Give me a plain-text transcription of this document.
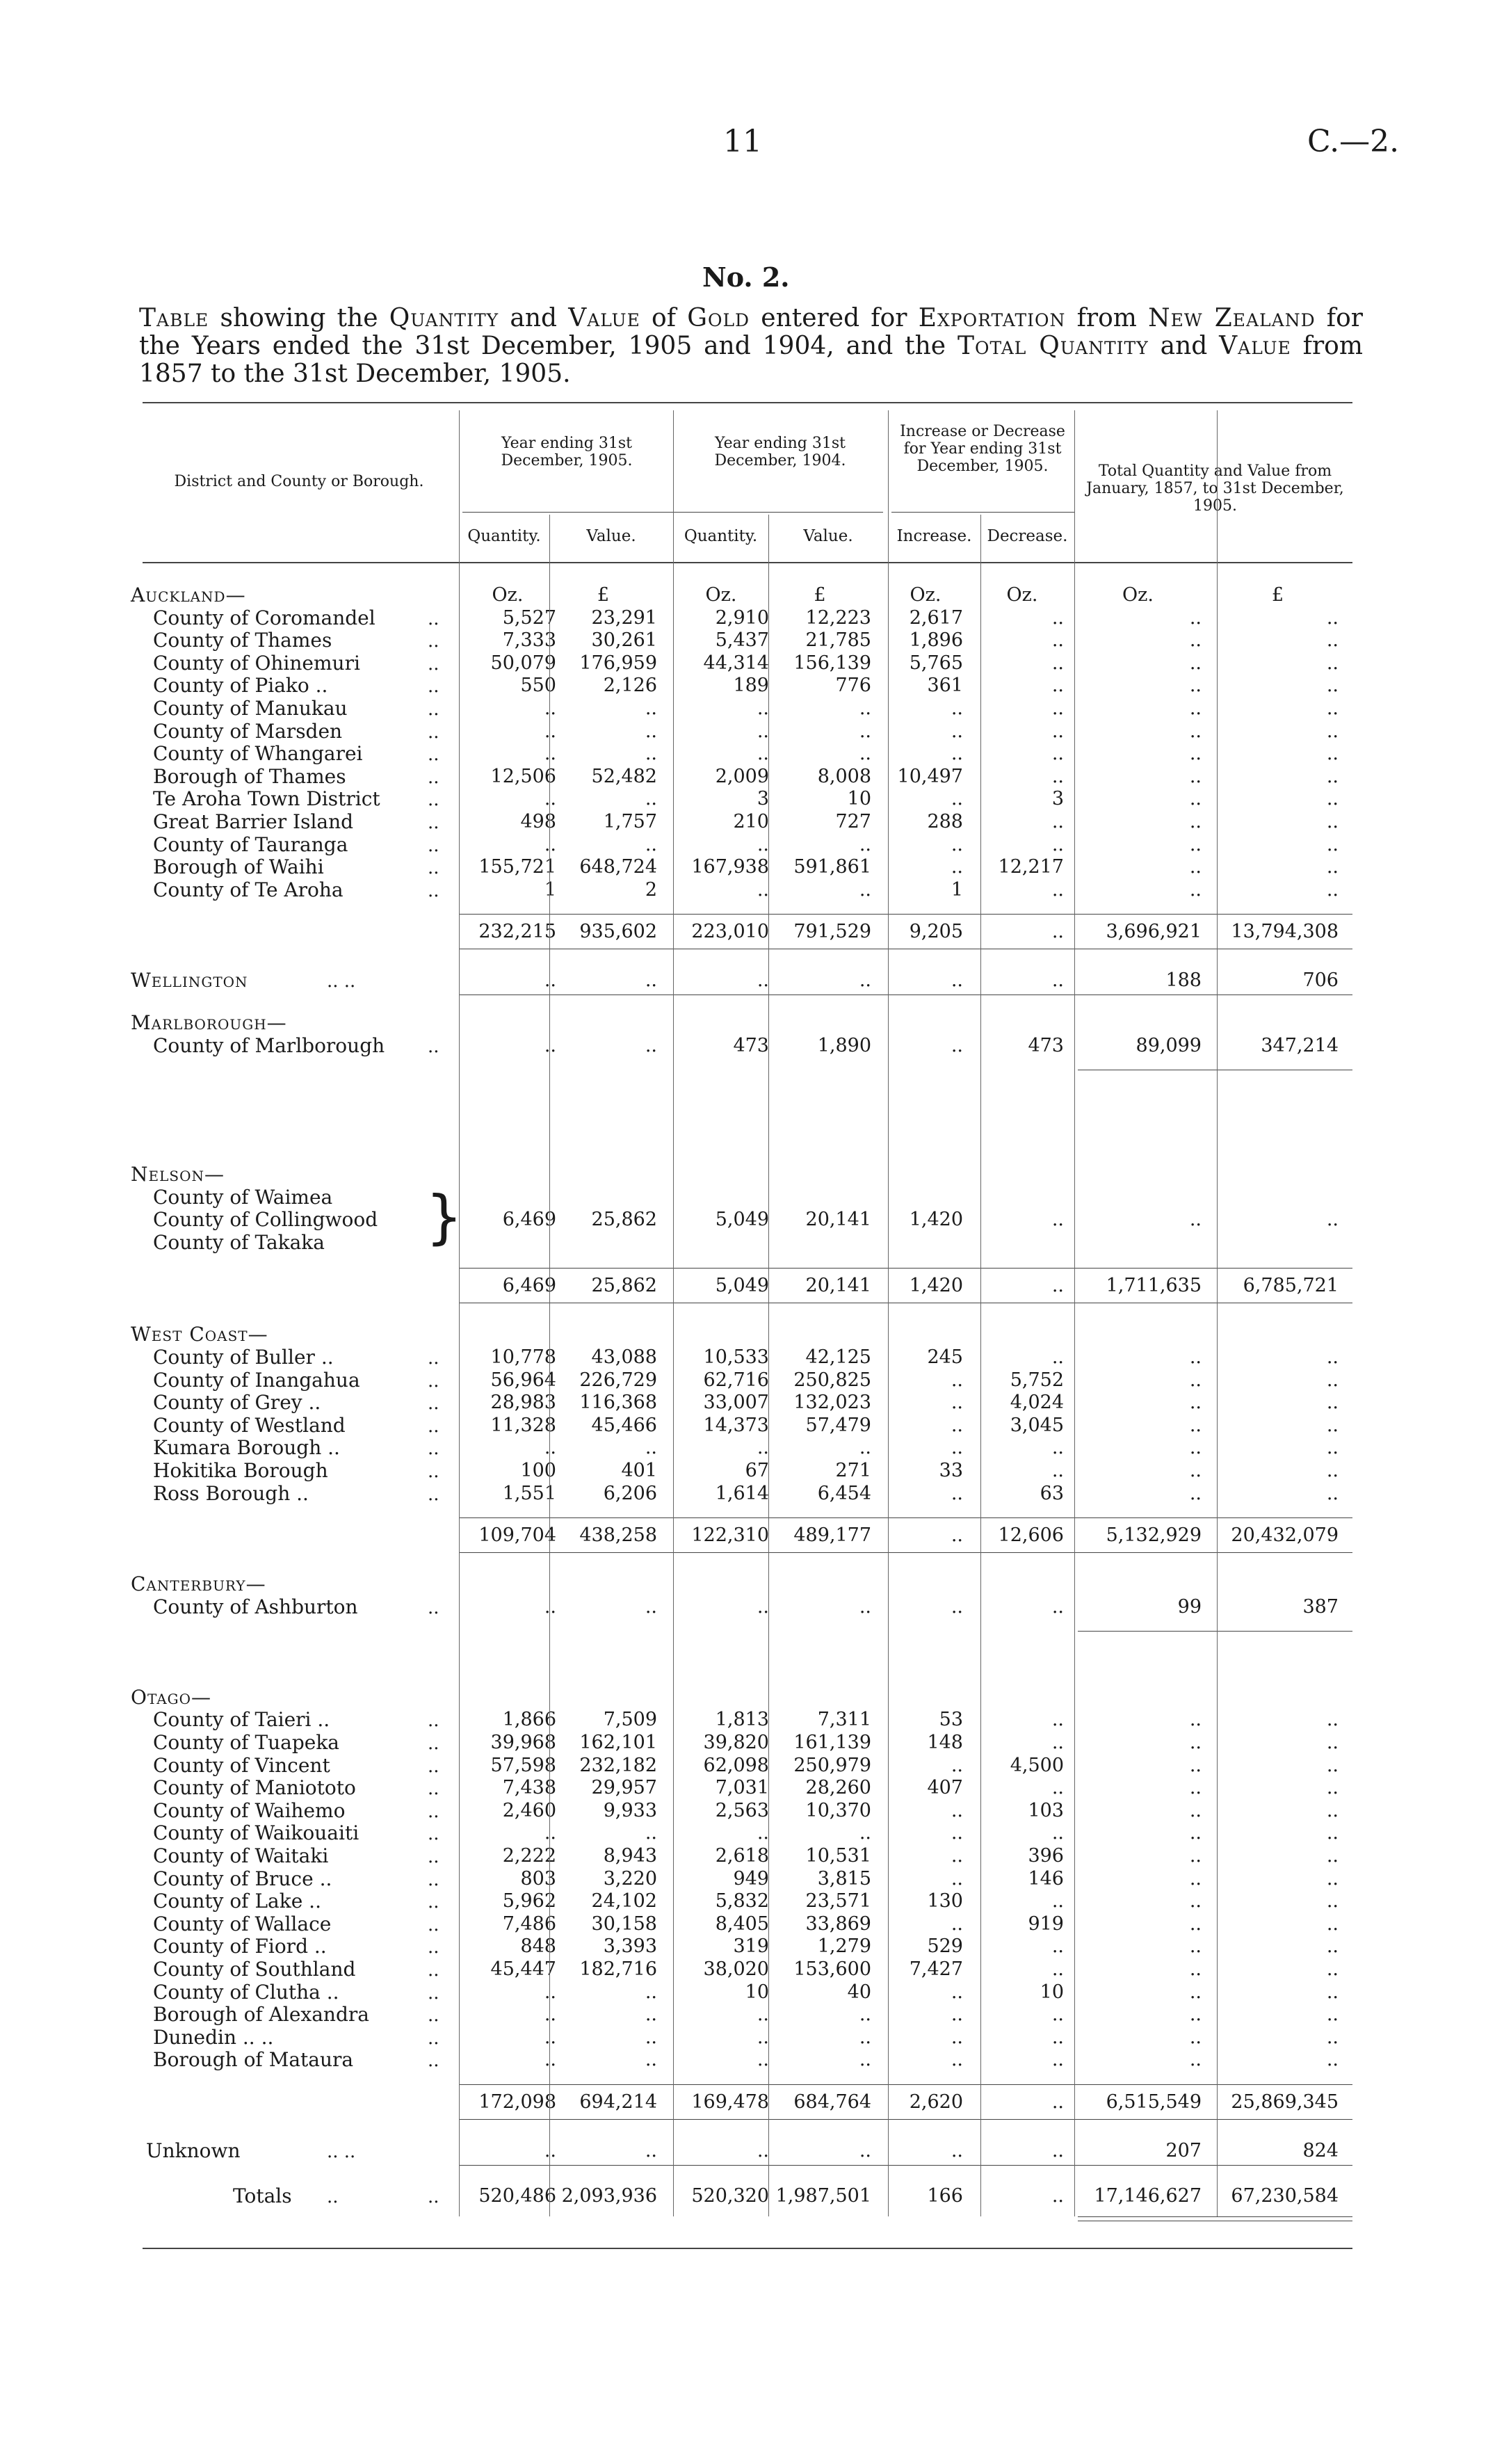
11	C.—2.
No. 2.
Table showing the Quantity and Value of Gold entered for Exportation from New Zealand for the Years ended the 31st December, 1905 and 1904, and the Total Quantity and Value from 1857 to the 31st December, 1905.
District and County or Borough.
Year ending 31st December, 1905.
Year ending 31st December, 1904.
Increase or Decrease for Year ending 31st December, 1905.	Total Quantity and Value from January, 1857, to 31st December, 1905.
Quantity.	Value.	Quantity.	Value.	Increase. Decrease.
Oz.	£	Oz.	£	Oz.	Oz.	Oz.	£
Auckland—
County of Coromandel	..	5,527	23,291	2,910	12,223	2,617	..	..	..
County of Thames	..	7,333	30,261	5,437	21,785	1,896	..	..	..
County of Ohinemuri	..	50,079	176,959	44,314	156,139	5,765	..	..	..
County of Piako ..	..	550	2,126	189	776	361	..	..	..
County of Manukau	..	..	..	..	..	..	..	..	..
County of Marsden	..	..	..	..	..	..	..	..	..
County of Whangarei	..	..	..	..	..	..	..	..	..
Borough of Thames	..	12,506	52,482	2,009	8,008	10,497	..	..	..
Te Aroha Town District	..	..	..	3	10	..	3	..	..
Great Barrier Island	..	498	1,757	210	727	288	..	..	..
County of Tauranga	..	..	..	..	..	..	..	..	..
Borough of Waihi	..	155,721	648,724	167,938	591,861	..	12,217	..	..
County of Te Aroha	..	1	2	..	..	1	..	..	..
232,215	935,602	223,010	791,529	9,205	..	3,696,921	13,794,308
Wellington	.. ..	..	..	..	..	..	..	188	706
Marlborough—
County of Marlborough ..	..	..	473	1,890	..	473	89,099	347,214
Nelson—
County of Waimea
County of Collingwood
County of Takaka }	6,469	25,862	5,049	20,141	1,420	..	..	..
6,469	25,862	5,049	20,141	1,420	..	1,711,635	6,785,721
West Coast—
County of Buller ..	..	10,778	43,088	10,533	42,125	245	..	..	..
County of Inangahua	..	56,964	226,729	62,716	250,825	..	5,752	..	..
County of Grey ..	..	28,983	116,368	33,007	132,023	..	4,024	..	..
County of Westland	..	11,328	45,466	14,373	57,479	..	3,045	..	..
Kumara Borough ..	..	..	..	..	..	..	..	..	..
Hokitika Borough	..	100	401	67	271	33	..	..	..
Ross Borough ..	..	1,551	6,206	1,614	6,454	..	63	..	..
109,704	438,258	122,310	489,177	..	12,606	5,132,929	20,432,079
Canterbury—
County of Ashburton	..	..	..	..	..	..	..	99	387
Otago—
County of Taieri ..	..	1,866	7,509	1,813	7,311	53	..	..	..
County of Tuapeka	..	39,968	162,101	39,820	161,139	148	..	..	..
County of Vincent	..	57,598	232,182	62,098	250,979	..	4,500	..	..
County of Maniototo	..	7,438	29,957	7,031	28,260	407	..	..	..
County of Waihemo	..	2,460	9,933	2,563	10,370	..	103	..	..
County of Waikouaiti	..	..	..	..	..	..	..	..	..
County of Waitaki	..	2,222	8,943	2,618	10,531	..	396	..	..
County of Bruce ..	..	803	3,220	949	3,815	..	146	..	..
County of Lake ..	..	5,962	24,102	5,832	23,571	130	..	..	..
County of Wallace	..	7,486	30,158	8,405	33,869	..	919	..	..
County of Fiord ..	..	848	3,393	319	1,279	529	..	..	..
County of Southland	..	45,447	182,716	38,020	153,600	7,427	..	..	..
County of Clutha ..	..	..	..	10	40	..	10	..	..
Borough of Alexandra	..	..	..	..	..	..	..	..	..
Dunedin .. ..	..	..	..	..	..	..	..	..	..
Borough of Mataura	..	..	..	..	..	..	..	..	..
172,098	694,214	169,478	684,764	2,620	..	6,515,549	25,869,345
Unknown	.. ..	..	..	..	..	..	..	207	824
Totals ..	..	520,486 2,093,936	520,320 1,987,501	166	..	17,146,627	67,230,584
